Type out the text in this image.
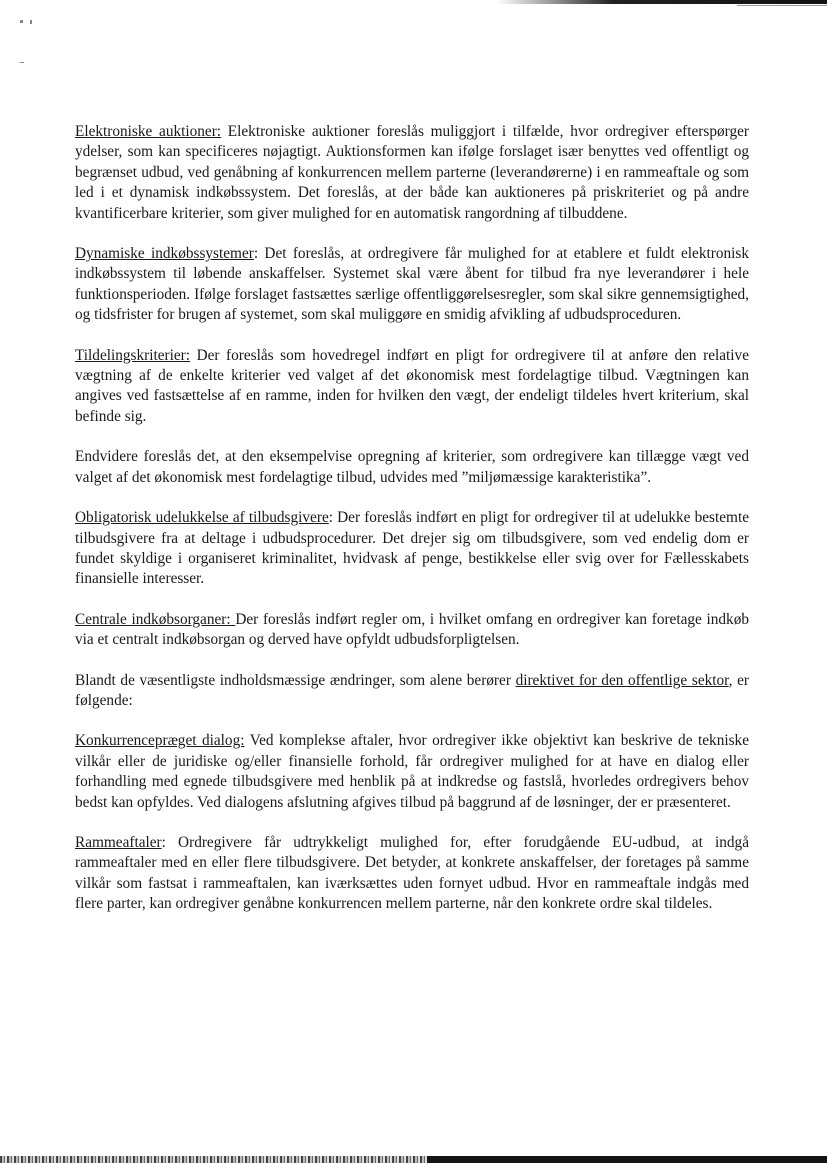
Elektroniske auktioner: Elektroniske auktioner foreslås muliggjort i tilfælde, hvor ordregiver efterspørger ydelser, som kan specificeres nøjagtigt. Auktionsformen kan ifølge forslaget især benyttes ved offentligt og begrænset udbud, ved genåbning af konkurrencen mellem parterne (leverandørerne) i en rammeaftale og som led i et dynamisk indkøbssystem. Det foreslås, at der både kan auktioneres på priskriteriet og på andre kvantificerbare kriterier, som giver mulighed for en automatisk rangordning af tilbuddene.

Dynamiske indkøbssystemer: Det foreslås, at ordregivere får mulighed for at etablere et fuldt elektronisk indkøbssystem til løbende anskaffelser. Systemet skal være åbent for tilbud fra nye leverandører i hele funktionsperioden. Ifølge forslaget fastsættes særlige offentliggørelsesregler, som skal sikre gennemsigtighed, og tidsfrister for brugen af systemet, som skal muliggøre en smidig afvikling af udbudsproceduren.

Tildelingskriterier: Der foreslås som hovedregel indført en pligt for ordregivere til at anføre den relative vægtning af de enkelte kriterier ved valget af det økonomisk mest fordelagtige tilbud. Vægtningen kan angives ved fastsættelse af en ramme, inden for hvilken den vægt, der endeligt tildeles hvert kriterium, skal befinde sig.

Endvidere foreslås det, at den eksempelvise opregning af kriterier, som ordregivere kan tillægge vægt ved valget af det økonomisk mest fordelagtige tilbud, udvides med ”miljømæssige karakteristika”.

Obligatorisk udelukkelse af tilbudsgivere: Der foreslås indført en pligt for ordregiver til at udelukke bestemte tilbudsgivere fra at deltage i udbudsprocedurer. Det drejer sig om tilbudsgivere, som ved endelig dom er fundet skyldige i organiseret kriminalitet, hvidvask af penge, bestikkelse eller svig over for Fællesskabets finansielle interesser.

Centrale indkøbsorganer: Der foreslås indført regler om, i hvilket omfang en ordregiver kan foretage indkøb via et centralt indkøbsorgan og derved have opfyldt udbudsforpligtelsen.

Blandt de væsentligste indholdsmæssige ændringer, som alene berører direktivet for den offentlige sektor, er følgende:

Konkurrencepræget dialog: Ved komplekse aftaler, hvor ordregiver ikke objektivt kan beskrive de tekniske vilkår eller de juridiske og/eller finansielle forhold, får ordregiver mulighed for at have en dialog eller forhandling med egnede tilbudsgivere med henblik på at indkredse og fastslå, hvorledes ordregivers behov bedst kan opfyldes. Ved dialogens afslutning afgives tilbud på baggrund af de løsninger, der er præsenteret.

Rammeaftaler: Ordregivere får udtrykkeligt mulighed for, efter forudgående EU-udbud, at indgå rammeaftaler med en eller flere tilbudsgivere. Det betyder, at konkrete anskaffelser, der foretages på samme vilkår som fastsat i rammeaftalen, kan iværksættes uden fornyet udbud. Hvor en rammeaftale indgås med flere parter, kan ordregiver genåbne konkurrencen mellem parterne, når den konkrete ordre skal tildeles.
